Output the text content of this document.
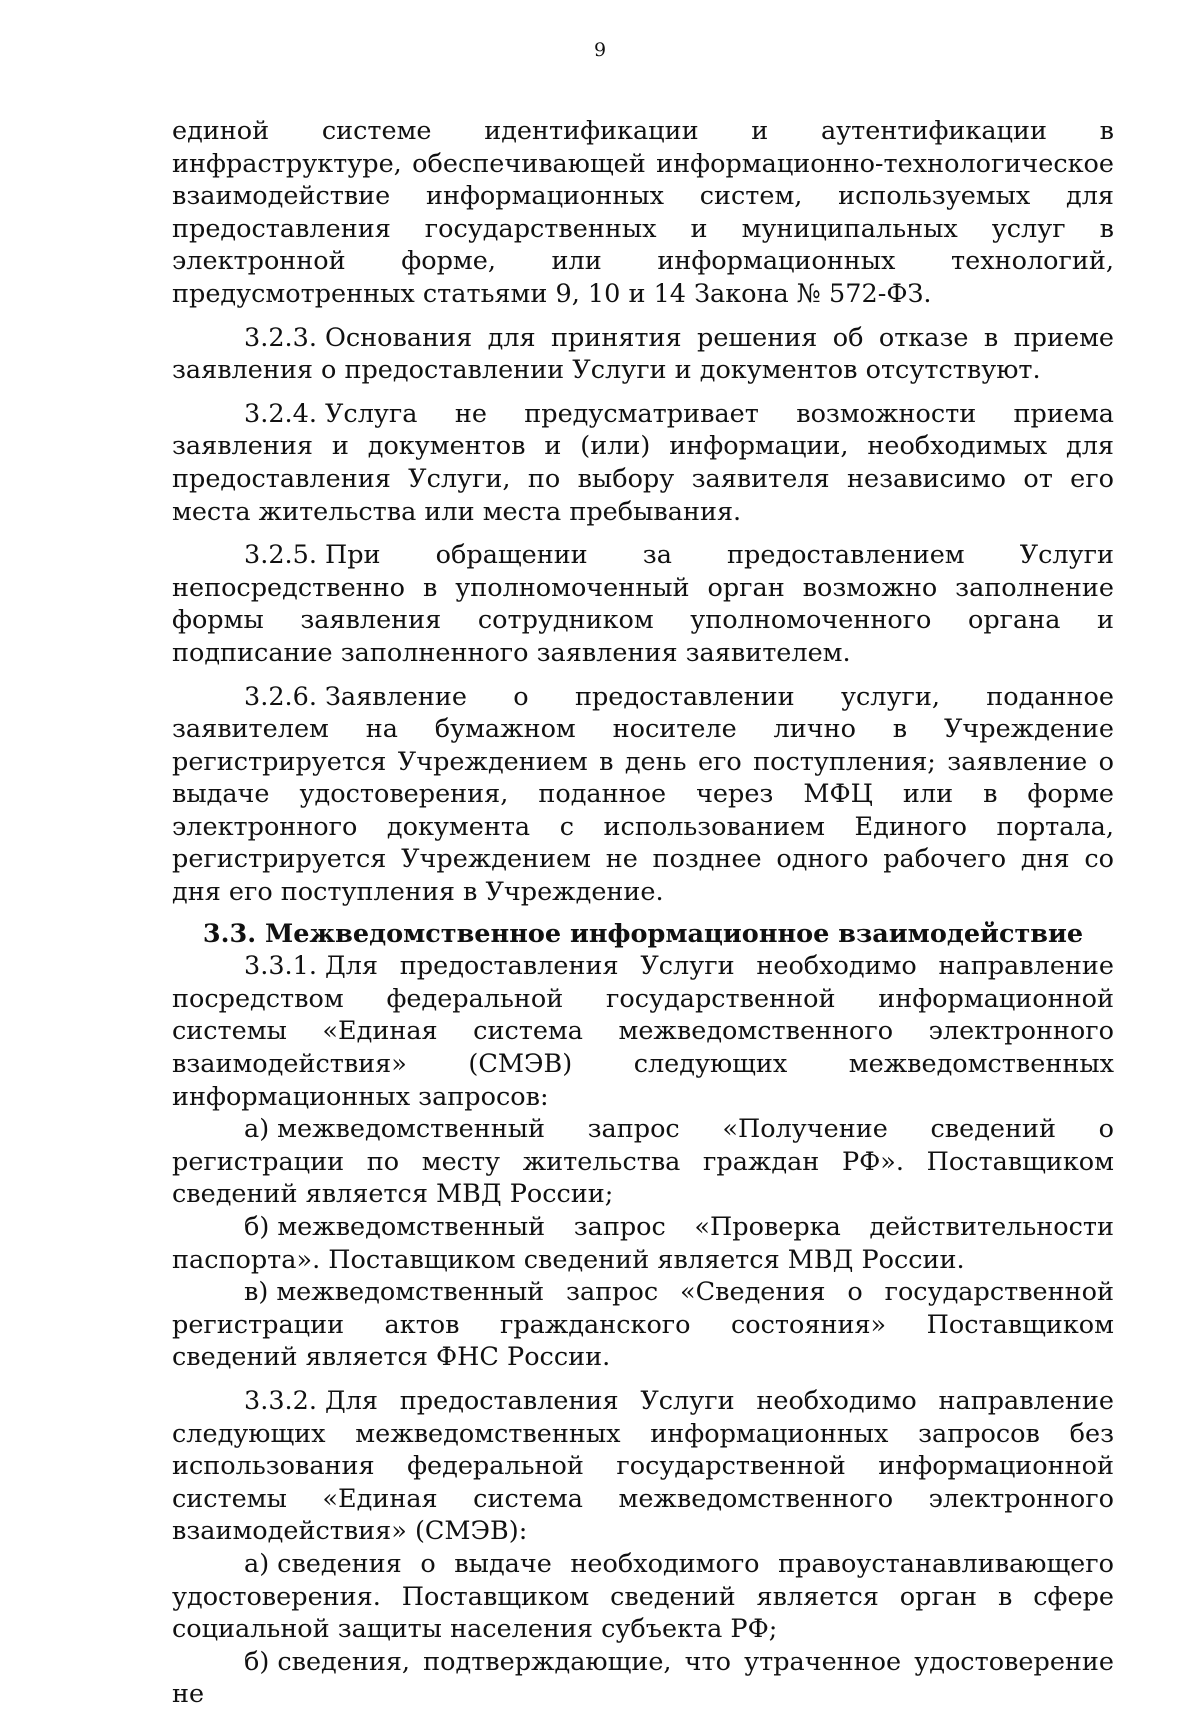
9

единой системе идентификации и аутентификации в инфраструктуре, обеспечивающей информационно-технологическое взаимодействие информационных систем, используемых для предоставления государственных и муниципальных услуг в электронной форме, или информационных технологий, предусмотренных статьями 9, 10 и 14 Закона № 572-ФЗ.

3.2.3. Основания для принятия решения об отказе в приеме заявления о предоставлении Услуги и документов отсутствуют.

3.2.4. Услуга не предусматривает возможности приема заявления и документов и (или) информации, необходимых для предоставления Услуги, по выбору заявителя независимо от его места жительства или места пребывания.

3.2.5. При обращении за предоставлением Услуги непосредственно в уполномоченный орган возможно заполнение формы заявления сотрудником уполномоченного органа и подписание заполненного заявления заявителем.

3.2.6. Заявление о предоставлении услуги, поданное заявителем на бумажном носителе лично в Учреждение регистрируется Учреждением в день его поступления; заявление о выдаче удостоверения, поданное через МФЦ или в форме электронного документа с использованием Единого портала, регистрируется Учреждением не позднее одного рабочего дня со дня его поступления в Учреждение.

3.3. Межведомственное информационное взаимодействие

3.3.1. Для предоставления Услуги необходимо направление посредством федеральной государственной информационной системы «Единая система межведомственного электронного взаимодействия» (СМЭВ) следующих межведомственных информационных запросов:

а) межведомственный запрос «Получение сведений о регистрации по месту жительства граждан РФ». Поставщиком сведений является МВД России;

б) межведомственный запрос «Проверка действительности паспорта». Поставщиком сведений является МВД России.

в) межведомственный запрос «Сведения о государственной регистрации актов гражданского состояния» Поставщиком сведений является ФНС России.

3.3.2. Для предоставления Услуги необходимо направление следующих межведомственных информационных запросов без использования федеральной государственной информационной системы «Единая система межведомственного электронного взаимодействия» (СМЭВ):

а) сведения о выдаче необходимого правоустанавливающего удостоверения. Поставщиком сведений является орган в сфере социальной защиты населения субъекта РФ;

б) сведения, подтверждающие, что утраченное удостоверение не
